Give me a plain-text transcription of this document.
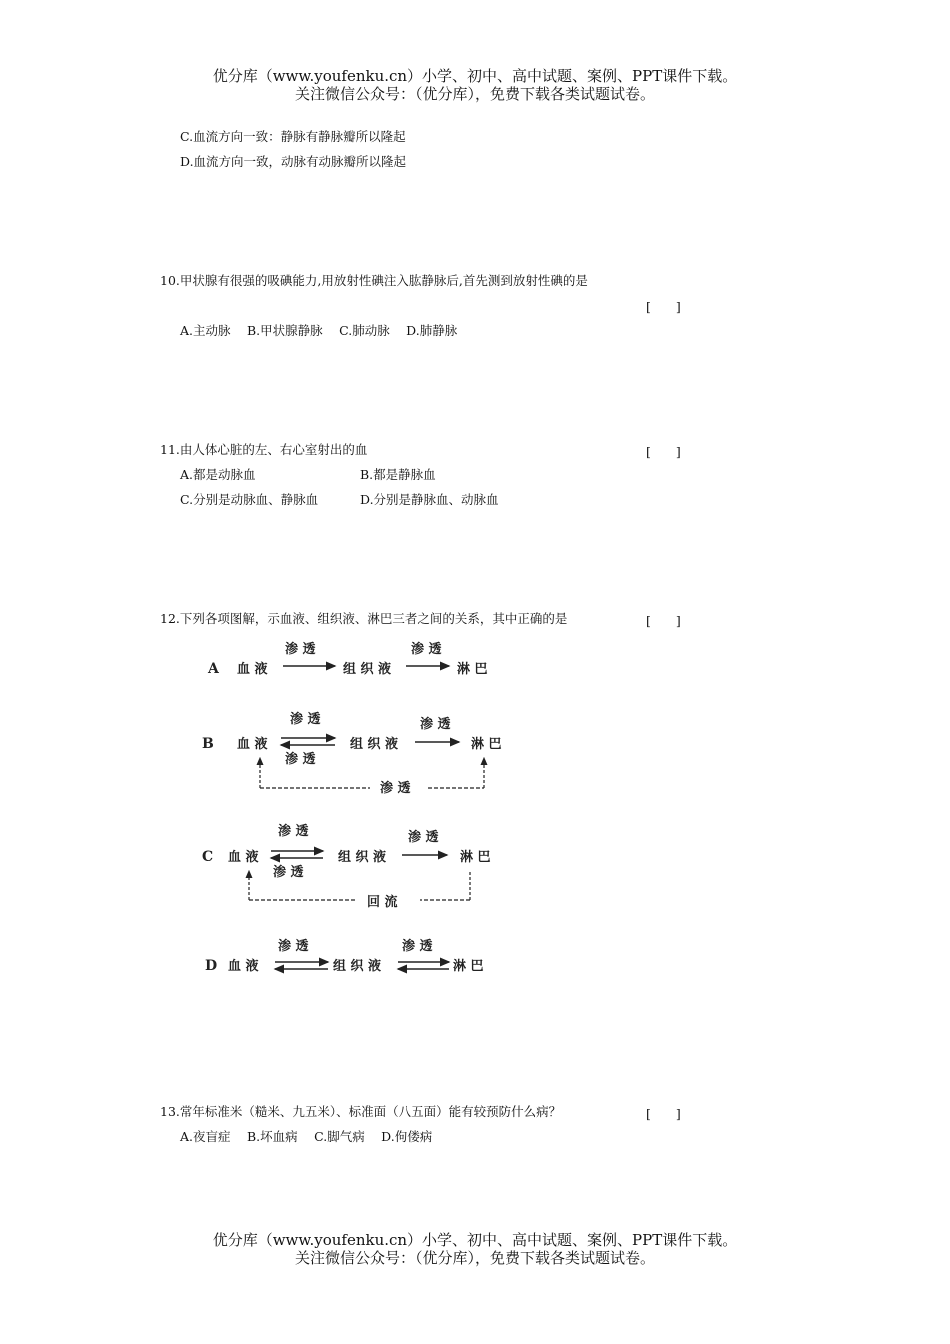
优分库（www.youfenku.cn）小学、初中、高中试题、案例、PPT课件下载。
关注微信公众号：（优分库），免费下载各类试题试卷。
C.血流方向一致：静脉有静脉瓣所以隆起
D.血流方向一致，动脉有动脉瓣所以隆起
10.甲状腺有很强的吸碘能力,用放射性碘注入肱静脉后,首先测到放射性碘的是
[　　]
A.主动脉　 B.甲状腺静脉　 C.肺动脉　 D.肺静脉
11.由人体心脏的左、右心室射出的血	[　　]
A.都是动脉血	B.都是静脉血
C.分别是动脉血、静脉血	D.分别是静脉血、动脉血
12.下列各项图解，示血液、组织液、淋巴三者之间的关系，其中正确的是	[　　]
A 血 液
渗 透
组 织 液
渗 透
淋 巴
B 血 液
渗 透
渗 透
组 织 液
渗 透
淋 巴
渗 透
C 血 液
渗 透
渗 透
组 织 液
渗 透
淋 巴
回 流
D 血 液
渗 透
组 织 液
渗 透
淋 巴
13.常年标准米（糙米、九五米）、标准面（八五面）能有较预防什么病？	[　　]
A.夜盲症　 B.坏血病　 C.脚气病　 D.佝偻病
优分库（www.youfenku.cn）小学、初中、高中试题、案例、PPT课件下载。
关注微信公众号：（优分库），免费下载各类试题试卷。
